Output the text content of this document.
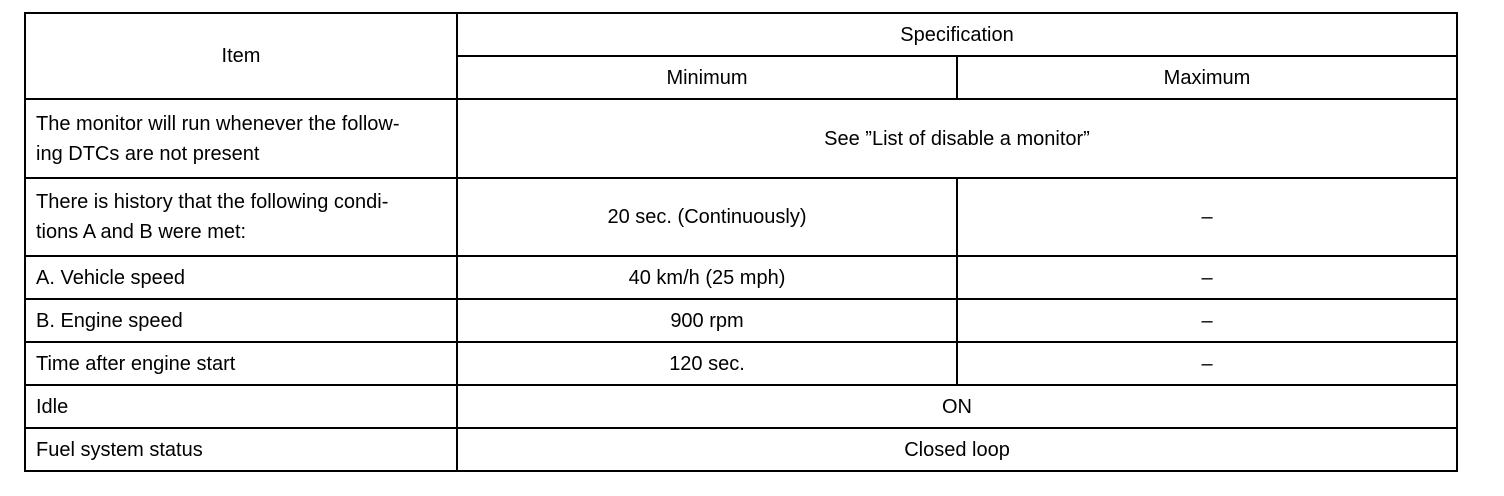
Item	Specification	
	Minimum	Maximum

The monitor will run whenever the follow-
ing DTCs are not present	See ”List of disable a monitor”	

There is history that the following condi-
tions A and B were met:	20 sec. (Continuously)	–
A. Vehicle speed	40 km/h (25 mph)	–
B. Engine speed	900 rpm	–
Time after engine start	120 sec.	–
Idle	ON	
Fuel system status	Closed loop	
